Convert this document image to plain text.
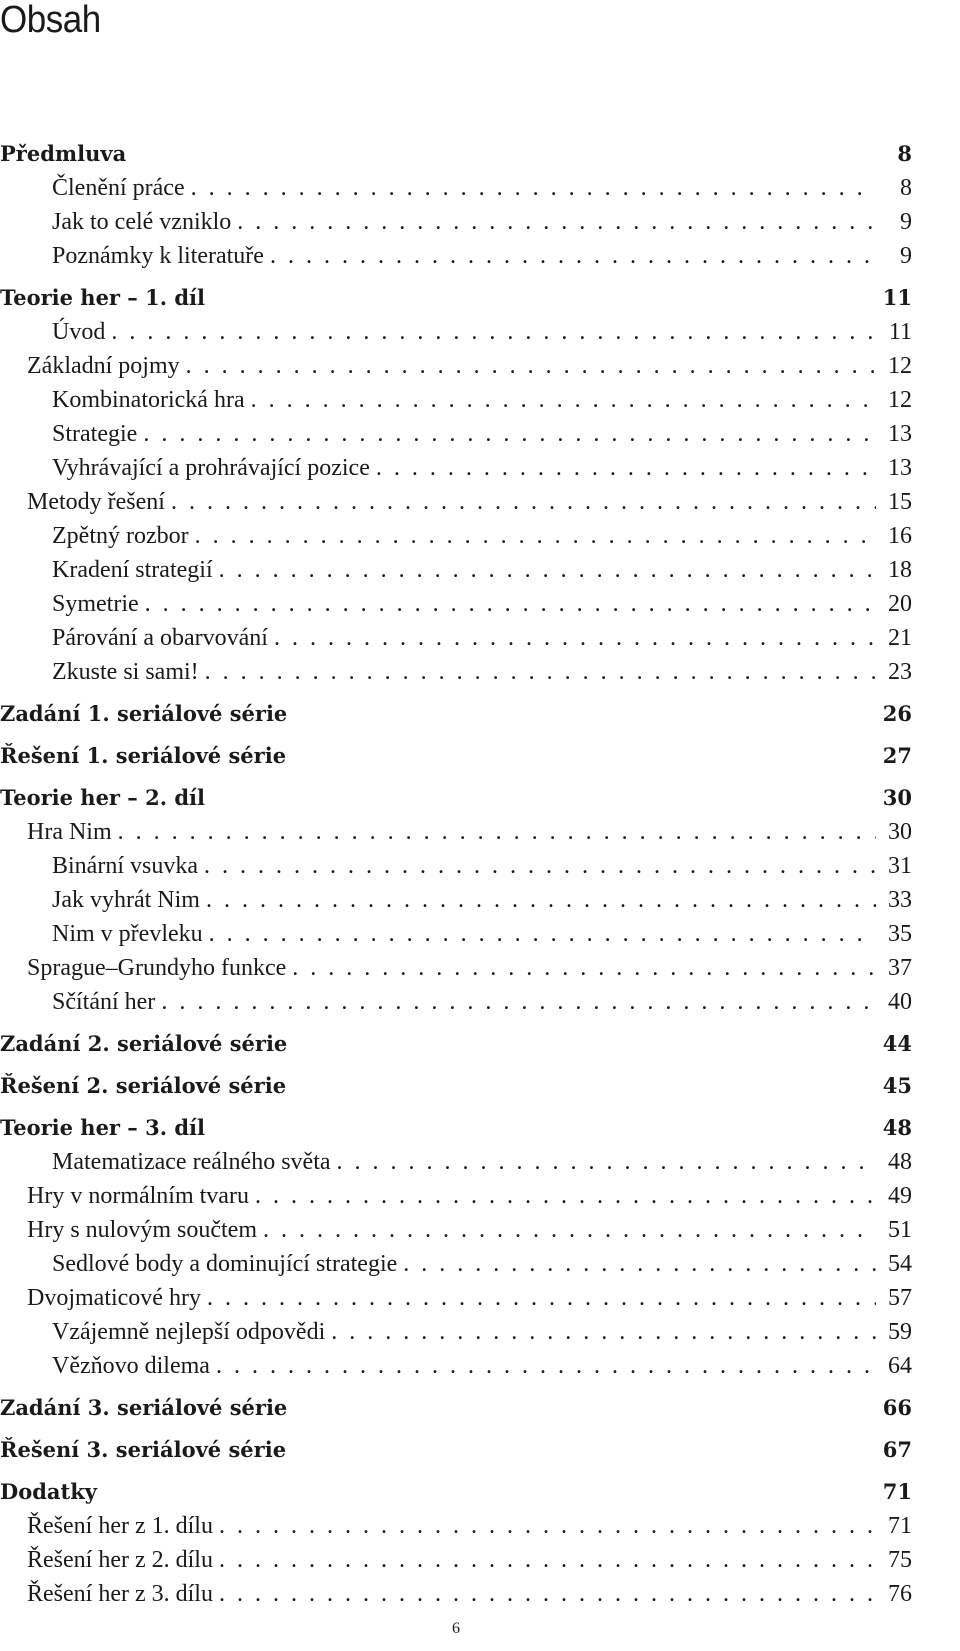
Obsah
Předmluva	8
Členění práce . . .	8
Jak to celé vzniklo . . .	9
Poznámky k literatuře . . .	9
Teorie her – 1. díl	11
Úvod . . .	11
Základní pojmy . . .	12
Kombinatorická hra . . .	12
Strategie . . .	13
Vyhrávající a prohrávající pozice . . .	13
Metody řešení . . .	15
Zpětný rozbor . . .	16
Kradení strategií . . .	18
Symetrie . . .	20
Párování a obarvování . . .	21
Zkuste si sami! . . .	23
Zadání 1. seriálové série	26
Řešení 1. seriálové série	27
Teorie her – 2. díl	30
Hra Nim . . .	30
Binární vsuvka . . .	31
Jak vyhrát Nim . . .	33
Nim v převleku . . .	35
Sprague–Grundyho funkce . . .	37
Sčítání her . . .	40
Zadání 2. seriálové série	44
Řešení 2. seriálové série	45
Teorie her – 3. díl	48
Matematizace reálného světa . . .	48
Hry v normálním tvaru . . .	49
Hry s nulovým součtem . . .	51
Sedlové body a dominující strategie . . .	54
Dvojmaticové hry . . .	57
Vzájemně nejlepší odpovědi . . .	59
Vězňovo dilema . . .	64
Zadání 3. seriálové série	66
Řešení 3. seriálové série	67
Dodatky	71
Řešení her z 1. dílu . . .	71
Řešení her z 2. dílu . . .	75
Řešení her z 3. dílu . . .	76
6
